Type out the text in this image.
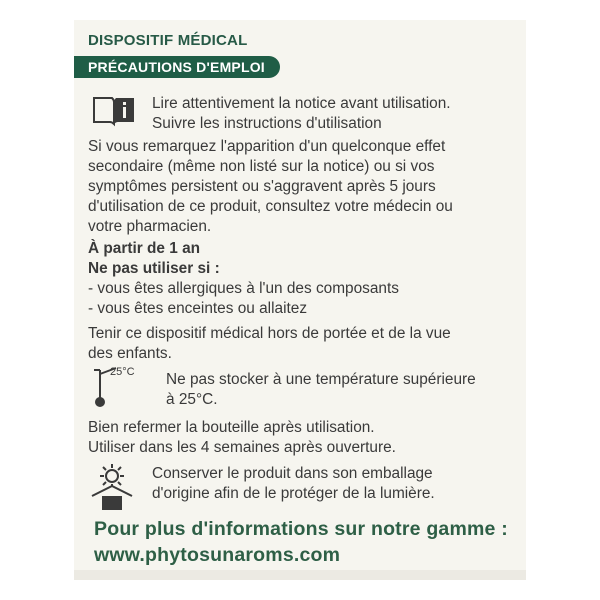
DISPOSITIF MÉDICAL
PRÉCAUTIONS D'EMPLOI
Lire attentivement la notice avant utilisation.
Suivre les instructions d'utilisation
Si vous remarquez l'apparition d'un quelconque effet
secondaire (même non listé sur la notice) ou si vos
symptômes persistent ou s'aggravent après 5 jours
d'utilisation de ce produit, consultez votre médecin ou
votre pharmacien.
À partir de 1 an
Ne pas utiliser si :
- vous êtes allergiques à l'un des composants
- vous êtes enceintes ou allaitez
Tenir ce dispositif médical hors de portée et de la vue
des enfants.
25°C Ne pas stocker à une température supérieure
à 25°C.
Bien refermer la bouteille après utilisation.
Utiliser dans les 4 semaines après ouverture.
Conserver le produit dans son emballage
d'origine afin de le protéger de la lumière.
Pour plus d'informations sur notre gamme :
www.phytosunaroms.com
